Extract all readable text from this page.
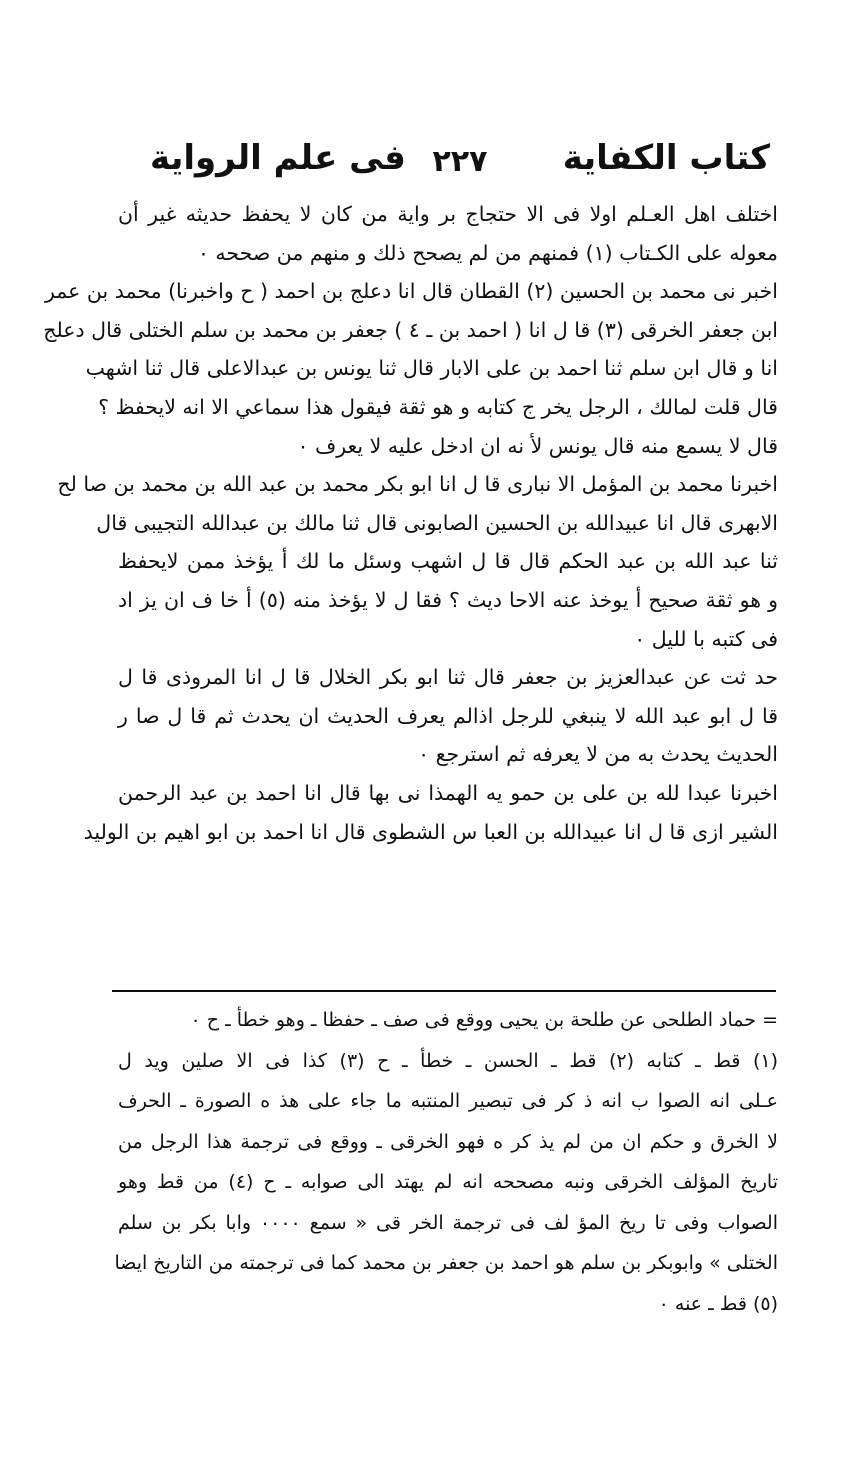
كتاب الكفاية
٢٢٧
فى علم الرواية
اختلف اهل العـلم اولا فى الا حتجاج بر واية من كان لا يحفظ حديثه غير أن
معوله على الكـتاب (١) فمنهم من لم يصحح ذلك و منهم من صححه ٠
اخبر نى محمد بن الحسين (٢) القطان قال انا دعلج بن احمد ( ح واخبرنا) محمد بن عمر
ابن جعفر الخرقى (٣) قا ل انا ( احمد بن ـ ٤ ) جعفر بن محمد بن سلم الختلى قال دعلج
انا و قال ابن سلم ثنا احمد بن على الابار قال ثنا يونس بن عبدالاعلى قال ثنا اشهب
قال قلت لمالك ، الرجل يخر ج كتابه و هو ثقة فيقول هذا سماعي الا انه لايحفظ ؟
قال لا يسمع منه قال يونس لأ نه ان ادخل عليه لا يعرف ٠
اخبرنا محمد بن المؤمل الا نبارى قا ل انا ابو بكر محمد بن عبد الله بن محمد بن صا لح
الابهرى قال انا عبيدالله بن الحسين الصابونى قال ثنا مالك بن عبدالله التجيبى قال
ثنا عبد الله بن عبد الحكم قال قا ل اشهب وسئل ما لك أ يؤخذ ممن لايحفظ
و هو ثقة صحيح أ يوخذ عنه الاحا ديث ؟ فقا ل لا يؤخذ منه (٥) أ خا ف ان يز اد
فى كتبه با لليل ٠
حد ثت عن عبدالعزيز بن جعفر قال ثنا ابو بكر الخلال قا ل انا المروذى قا ل
قا ل ابو عبد الله لا ينبغي للرجل اذالم يعرف الحديث ان يحدث ثم قا ل صا ر
الحديث يحدث به من لا يعرفه ثم استرجع ٠
اخبرنا عبدا لله بن على بن حمو يه الهمذا نى بها قال انا احمد بن عبد الرحمن
الشير ازى قا ل انا عبيدالله بن العبا س الشطوى قال انا احمد بن ابو اهيم بن الوليد
= حماد الطلحى عن طلحة بن يحيى ووقع فى صف ـ حفظا ـ وهو خطأ ـ ح ٠
(١) قط ـ كتابه (٢) قط ـ الحسن ـ خطأ ـ ح (٣) كذا فى الا صلين ويد ل
عـلى انه الصوا ب انه ذ كر فى تبصير المنتبه ما جاء على هذ ه الصورة ـ الحرف
لا الخرق و حكم ان من لم يذ كر ه فهو الخرقى ـ ووقع فى ترجمة هذا الرجل من
تاريخ المؤلف الخرقى ونبه مصححه انه لم يهتد الى صوابه ـ ح (٤) من قط وهو
الصواب وفى تا ريخ المؤ لف فى ترجمة الخر قى « سمع ٠٠٠٠ وابا بكر بن سلم
الختلى » وابوبكر بن سلم هو احمد بن جعفر بن محمد كما فى ترجمته من التاريخ ايضا
(٥) قط ـ عنه ٠
